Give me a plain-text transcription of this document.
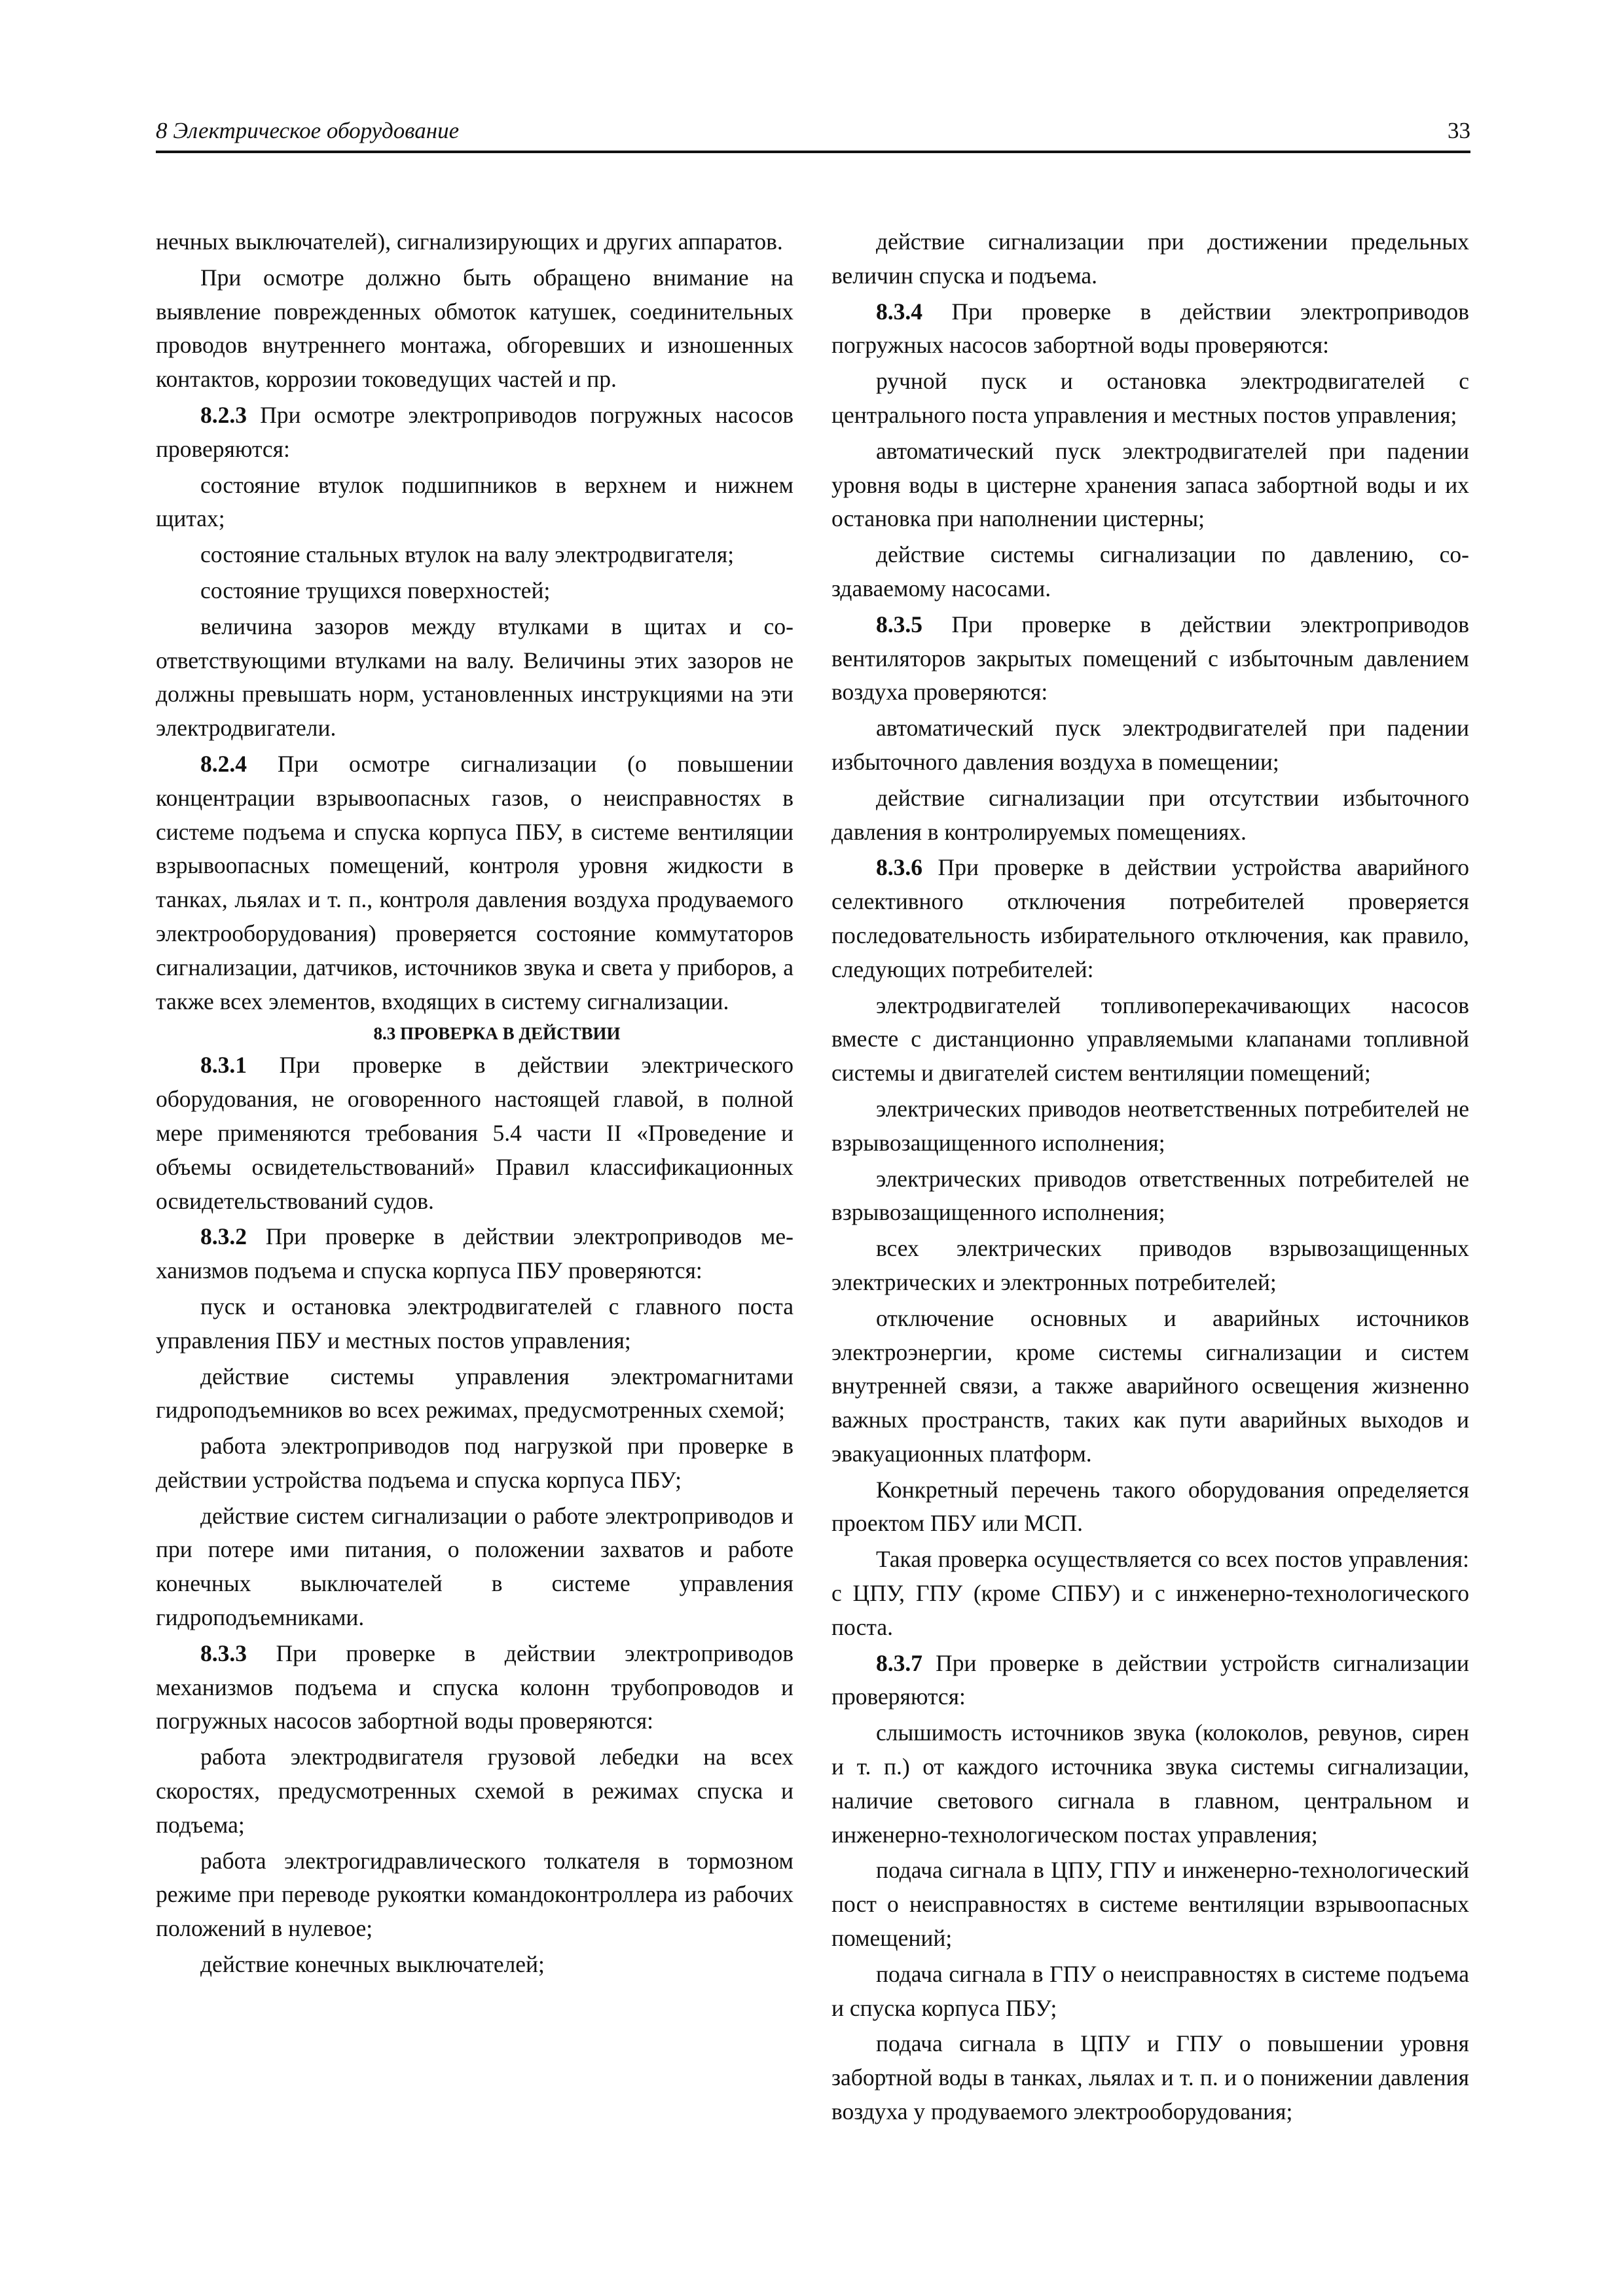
8 Электрическое оборудование	33

нечных выключателей), сигнализирующих и других аппаратов.

При осмотре должно быть обращено внимание на выявление поврежденных обмоток катушек, соединительных проводов внутреннего монтажа, обгоревших и изношенных контактов, коррозии токоведущих частей и пр.

8.2.3 При осмотре электроприводов погружных насосов проверяются:

состояние втулок подшипников в верхнем и нижнем щитах;

состояние стальных втулок на валу электродвигателя;

состояние трущихся поверхностей;

величина зазоров между втулками в щитах и соответствующими втулками на валу. Величины этих зазоров не должны превышать норм, установленных инструкциями на эти электродвигатели.

8.2.4 При осмотре сигнализации (о повышении концентрации взрывоопасных газов, о неисправностях в системе подъема и спуска корпуса ПБУ, в системе вентиляции взрывоопасных помещений, контроля уровня жидкости в танках, льялах и т. п., контроля давления воздуха продуваемого электрооборудования) проверяется состояние коммутаторов сигнализации, датчиков, источников звука и света у приборов, а также всех элементов, входящих в систему сигнализации.

8.3 ПРОВЕРКА В ДЕЙСТВИИ

8.3.1 При проверке в действии электрического оборудования, не оговоренного настоящей главой, в полной мере применяются требования 5.4 части II «Проведение и объемы освидетельствований» Правил классификационных освидетельствований судов.

8.3.2 При проверке в действии электроприводов механизмов подъема и спуска корпуса ПБУ проверяются:

пуск и остановка электродвигателей с главного поста управления ПБУ и местных постов управления;

действие системы управления электромагнитами гидроподъемников во всех режимах, предусмотренных схемой;

работа электроприводов под нагрузкой при проверке в действии устройства подъема и спуска корпуса ПБУ;

действие систем сигнализации о работе электроприводов и при потере ими питания, о положении захватов и работе конечных выключателей в системе управления гидроподъемниками.

8.3.3 При проверке в действии электроприводов механизмов подъема и спуска колонн трубопроводов и погружных насосов забортной воды проверяются:

работа электродвигателя грузовой лебедки на всех скоростях, предусмотренных схемой в режимах спуска и подъема;

работа электрогидравлического толкателя в тормозном режиме при переводе рукоятки командоконтроллера из рабочих положений в нулевое;

действие конечных выключателей;

действие сигнализации при достижении предельных величин спуска и подъема.

8.3.4 При проверке в действии электроприводов погружных насосов забортной воды проверяются:

ручной пуск и остановка электродвигателей с центрального поста управления и местных постов управления;

автоматический пуск электродвигателей при падении уровня воды в цистерне хранения запаса забортной воды и их остановка при наполнении цистерны;

действие системы сигнализации по давлению, создаваемому насосами.

8.3.5 При проверке в действии электроприводов вентиляторов закрытых помещений с избыточным давлением воздуха проверяются:

автоматический пуск электродвигателей при падении избыточного давления воздуха в помещении;

действие сигнализации при отсутствии избыточного давления в контролируемых помещениях.

8.3.6 При проверке в действии устройства аварийного селективного отключения потребителей проверяется последовательность избирательного отключения, как правило, следующих потребителей:

электродвигателей топливоперекачивающих насосов вместе с дистанционно управляемыми клапанами топливной системы и двигателей систем вентиляции помещений;

электрических приводов неответственных потребителей не взрывозащищенного исполнения;

электрических приводов ответственных потребителей не взрывозащищенного исполнения;

всех электрических приводов взрывозащищенных электрических и электронных потребителей;

отключение основных и аварийных источников электроэнергии, кроме системы сигнализации и систем внутренней связи, а также аварийного освещения жизненно важных пространств, таких как пути аварийных выходов и эвакуационных платформ.

Конкретный перечень такого оборудования определяется проектом ПБУ или МСП.

Такая проверка осуществляется со всех постов управления: с ЦПУ, ГПУ (кроме СПБУ) и с инженерно-технологического поста.

8.3.7 При проверке в действии устройств сигнализации проверяются:

слышимость источников звука (колоколов, ревунов, сирен и т. п.) от каждого источника звука системы сигнализации, наличие светового сигнала в главном, центральном и инженерно-технологическом постах управления;

подача сигнала в ЦПУ, ГПУ и инженерно-технологический пост о неисправностях в системе вентиляции взрывоопасных помещений;

подача сигнала в ГПУ о неисправностях в системе подъема и спуска корпуса ПБУ;

подача сигнала в ЦПУ и ГПУ о повышении уровня забортной воды в танках, льялах и т. п. и о понижении давления воздуха у продуваемого электрооборудования;
